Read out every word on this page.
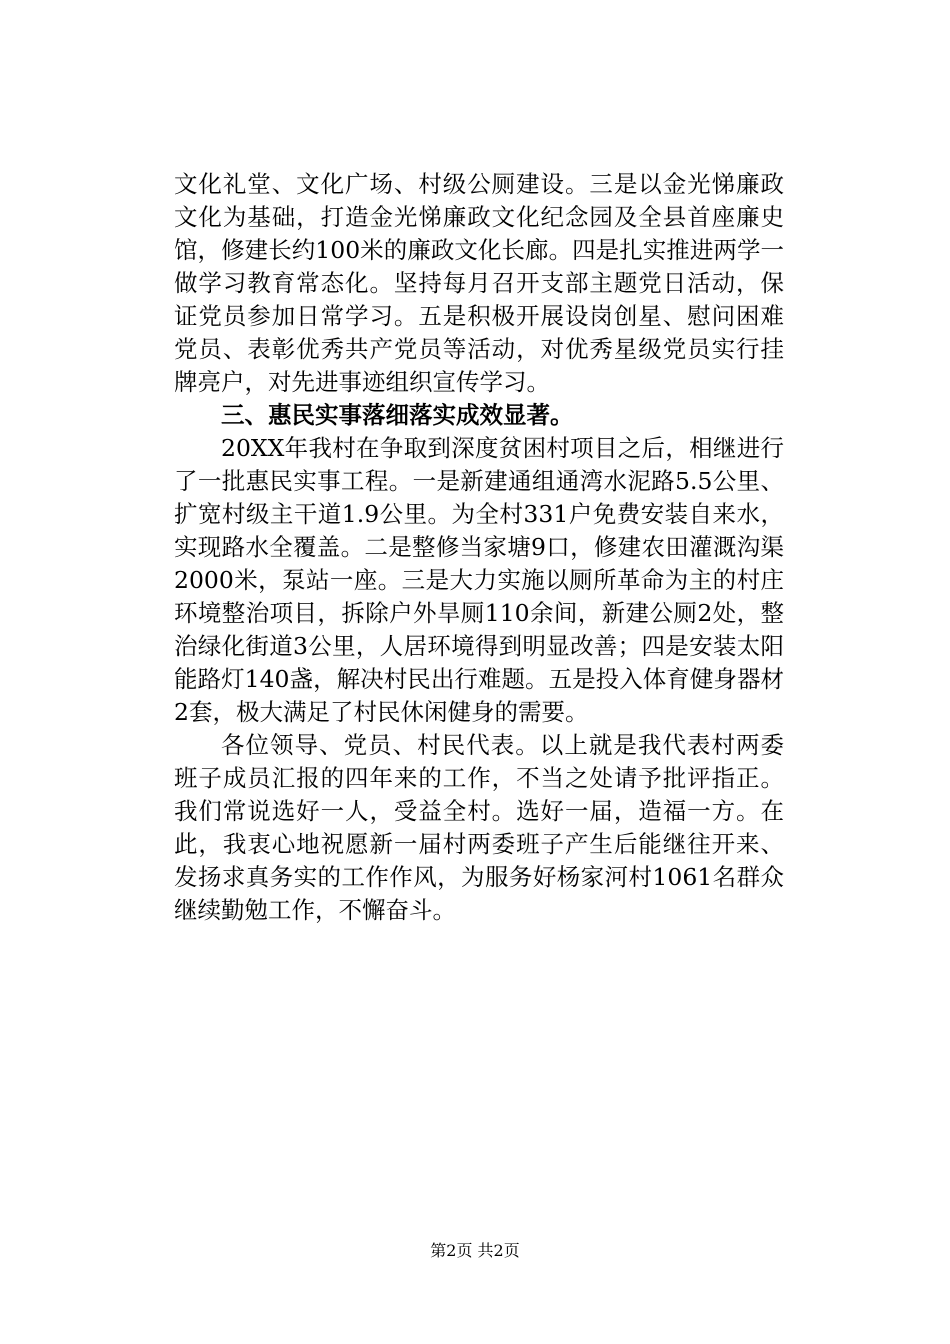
文化礼堂、文化广场、村级公厕建设。三是以金光悌廉政文化为基础，打造金光悌廉政文化纪念园及全县首座廉史馆，修建长约100米的廉政文化长廊。四是扎实推进两学一做学习教育常态化。坚持每月召开支部主题党日活动，保证党员参加日常学习。五是积极开展设岗创星、慰问困难党员、表彰优秀共产党员等活动，对优秀星级党员实行挂牌亮户，对先进事迹组织宣传学习。

三、惠民实事落细落实成效显著。

20XX年我村在争取到深度贫困村项目之后，相继进行了一批惠民实事工程。一是新建通组通湾水泥路5.5公里、扩宽村级主干道1.9公里。为全村331户免费安装自来水，实现路水全覆盖。二是整修当家塘9口，修建农田灌溉沟渠2000米，泵站一座。三是大力实施以厕所革命为主的村庄环境整治项目，拆除户外旱厕110余间，新建公厕2处，整治绿化街道3公里，人居环境得到明显改善；四是安装太阳能路灯140盏，解决村民出行难题。五是投入体育健身器材2套，极大满足了村民休闲健身的需要。

各位领导、党员、村民代表。以上就是我代表村两委班子成员汇报的四年来的工作，不当之处请予批评指正。我们常说选好一人，受益全村。选好一届，造福一方。在此，我衷心地祝愿新一届村两委班子产生后能继往开来、发扬求真务实的工作作风，为服务好杨家河村1061名群众继续勤勉工作，不懈奋斗。

第2页 共2页
